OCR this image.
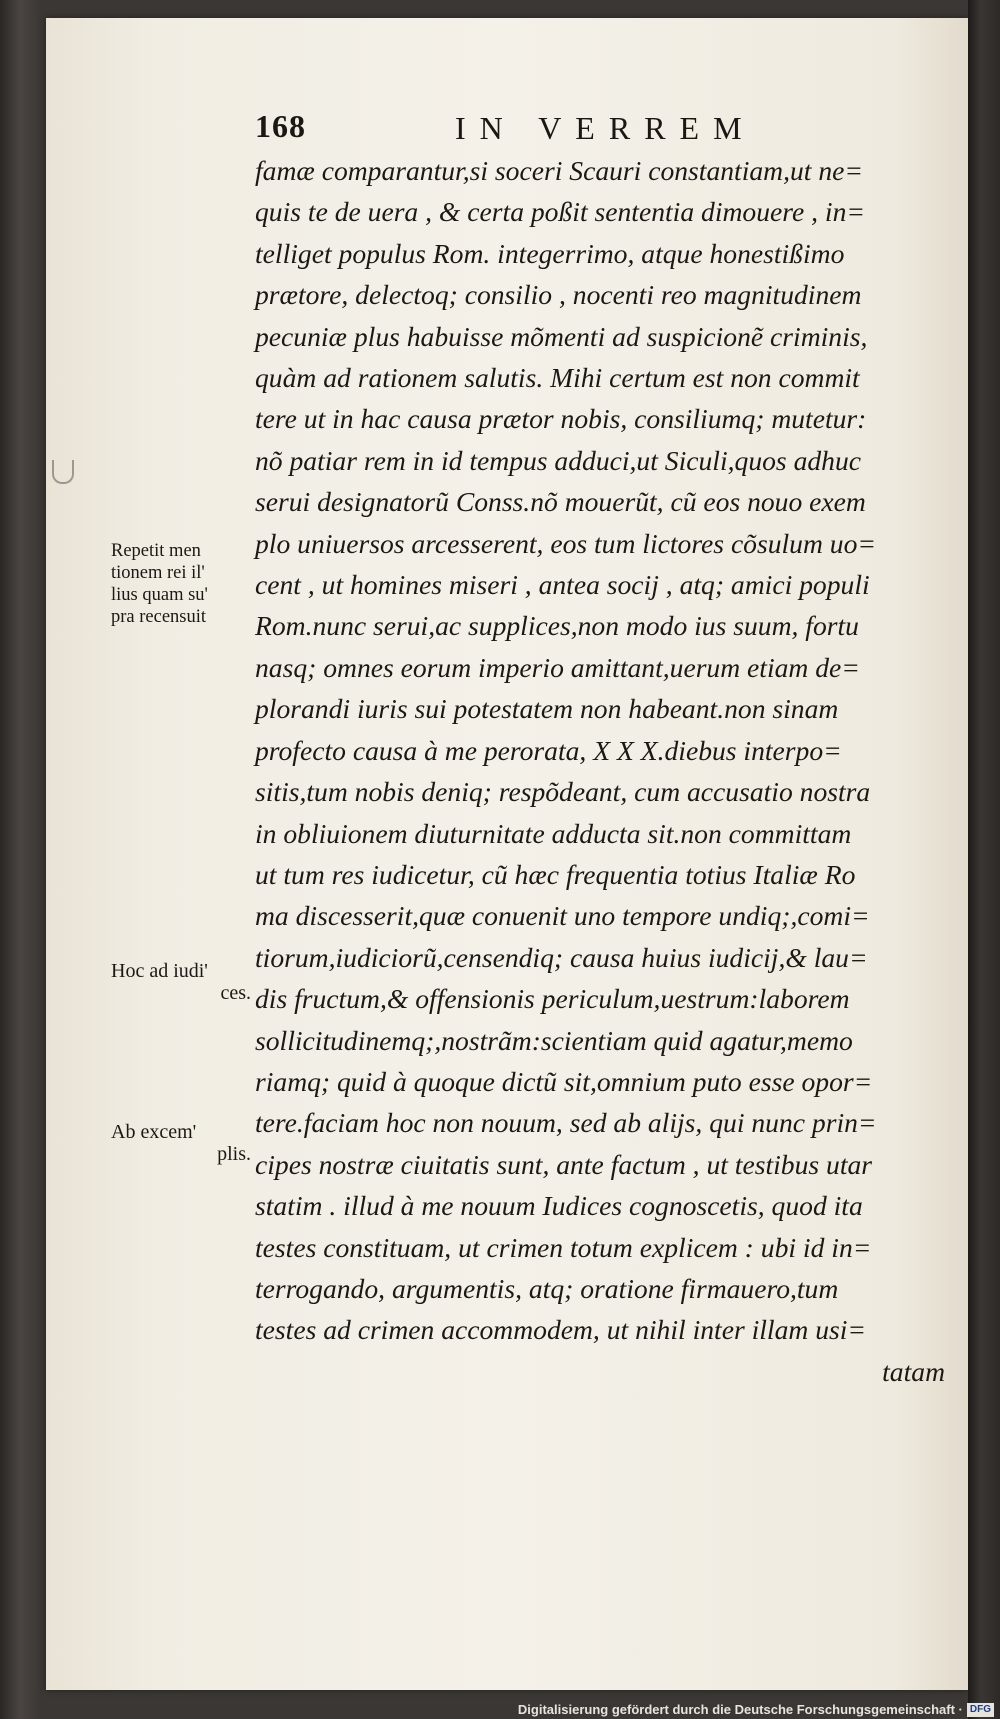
168	IN VERREM
famæ comparantur,si soceri Scauri constantiam,ut ne=
quis te de uera , & certa poßit sententia dimouere , in=
telliget populus Rom. integerrimo, atque honestißimo
prætore, delectoq; consilio , nocenti reo magnitudinem
pecuniæ plus habuisse mõmenti ad suspicionẽ criminis,
quàm ad rationem salutis. Mihi certum est non commit
tere ut in hac causa prætor nobis, consiliumq; mutetur:
nõ patiar rem in id tempus adduci,ut Siculi,quos adhuc
serui designatorũ Conss.nõ mouerũt, cũ eos nouo exem
plo uniuersos arcesserent, eos tum lictores cõsulum uo=
cent , ut homines miseri , antea socij , atq; amici populi
Rom.nunc serui,ac supplices,non modo ius suum, fortu
nasq; omnes eorum imperio amittant,uerum etiam de=
plorandi iuris sui potestatem non habeant.non sinam
profecto causa à me perorata, X X X.diebus interpo=
sitis,tum nobis deniq; respõdeant, cum accusatio nostra
in obliuionem diuturnitate adducta sit.non committam
ut tum res iudicetur, cũ hæc frequentia totius Italiæ Ro
ma discesserit,quæ conuenit uno tempore undiq;,comi=
tiorum,iudiciorũ,censendiq; causa huius iudicij,& lau=
dis fructum,& offensionis periculum,uestrum:laborem
sollicitudinemq;,nostrãm:scientiam quid agatur,memo
riamq; quid à quoque dictũ sit,omnium puto esse opor=
tere.faciam hoc non nouum, sed ab alijs, qui nunc prin=
cipes nostræ ciuitatis sunt, ante factum , ut testibus utar
statim . illud à me nouum Iudices cognoscetis, quod ita
testes constituam, ut crimen totum explicem : ubi id in=
terrogando, argumentis, atq; oratione firmauero,tum
testes ad crimen accommodem, ut nihil inter illam usi=
tatam
Repetit men
tionem rei il'
lius quam su'
pra recensuit
Hoc ad iudi'
ces.
Ab excem'
plis.
Digitalisierung gefördert durch die Deutsche Forschungsgemeinschaft · DFG
